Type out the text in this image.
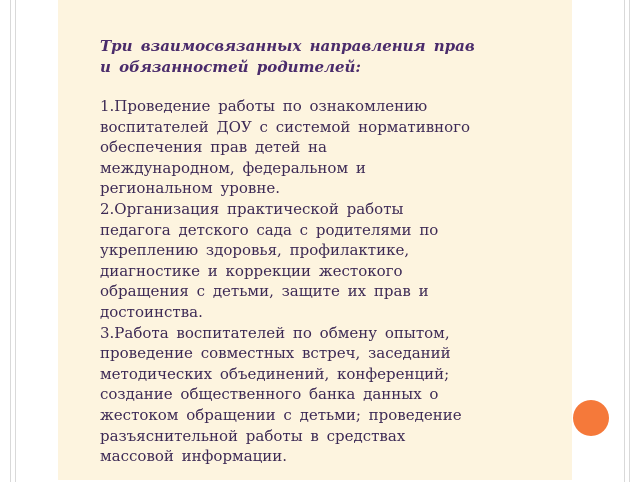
Три взаимосвязанных направления прав
и обязанностей родителей:

1.Проведение работы по ознакомлению
воспитателей ДОУ с системой нормативного
обеспечения прав детей на
международном, федеральном и
региональном уровне.
2.Организация практической работы
педагога детского сада с родителями по
укреплению здоровья, профилактике,
диагностике и коррекции жестокого
обращения с детьми, защите их прав и
достоинства.
3.Работа воспитателей по обмену опытом,
проведение совместных встреч, заседаний
методических объединений, конференций;
создание общественного банка данных о
жестоком обращении с детьми; проведение
разъяснительной работы в средствах
массовой информации.
